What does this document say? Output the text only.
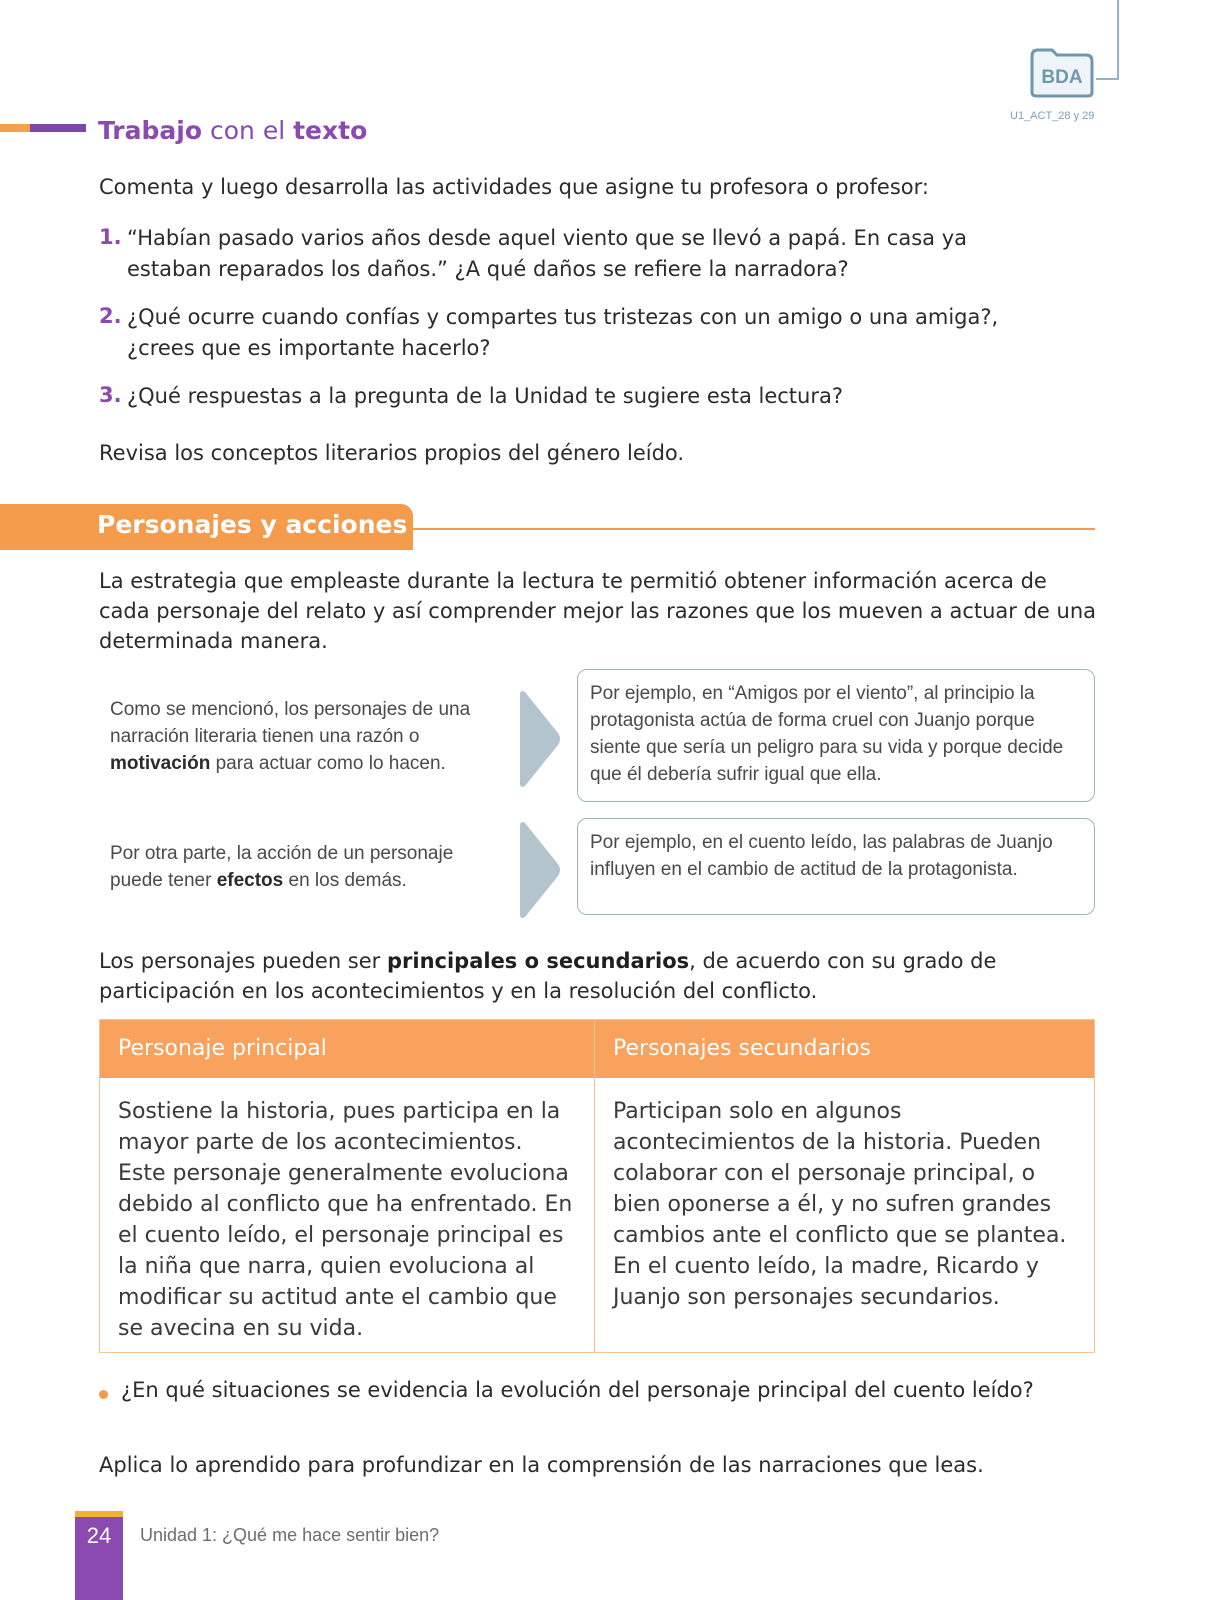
BDA
U1_ACT_28 y 29
Trabajo con el texto
Comenta y luego desarrolla las actividades que asigne tu profesora o profesor:
1. “Habían pasado varios años desde aquel viento que se llevó a papá. En casa ya
estaban reparados los daños.” ¿A qué daños se refiere la narradora?
2. ¿Qué ocurre cuando confías y compartes tus tristezas con un amigo o una amiga?,
¿crees que es importante hacerlo?
3. ¿Qué respuestas a la pregunta de la Unidad te sugiere esta lectura?
Revisa los conceptos literarios propios del género leído.
Personajes y acciones
La estrategia que empleaste durante la lectura te permitió obtener información acerca de cada personaje del relato y así comprender mejor las razones que los mueven a actuar de una determinada manera.
Como se mencionó, los personajes de una narración literaria tienen una razón o motivación para actuar como lo hacen.
Por ejemplo, en “Amigos por el viento”, al principio la protagonista actúa de forma cruel con Juanjo porque siente que sería un peligro para su vida y porque decide que él debería sufrir igual que ella.
Por otra parte, la acción de un personaje puede tener efectos en los demás.
Por ejemplo, en el cuento leído, las palabras de Juanjo influyen en el cambio de actitud de la protagonista.
Los personajes pueden ser principales o secundarios, de acuerdo con su grado de participación en los acontecimientos y en la resolución del conflicto.
Personaje principal	Personajes secundarios
Sostiene la historia, pues participa en la mayor parte de los acontecimientos. Este personaje generalmente evoluciona debido al conflicto que ha enfrentado. En el cuento leído, el personaje principal es la niña que narra, quien evoluciona al modificar su actitud ante el cambio que se avecina en su vida.
Participan solo en algunos acontecimientos de la historia. Pueden colaborar con el personaje principal, o bien oponerse a él, y no sufren grandes cambios ante el conflicto que se plantea. En el cuento leído, la madre, Ricardo y Juanjo son personajes secundarios.
¿En qué situaciones se evidencia la evolución del personaje principal del cuento leído?
Aplica lo aprendido para profundizar en la comprensión de las narraciones que leas.
24	Unidad 1: ¿Qué me hace sentir bien?
